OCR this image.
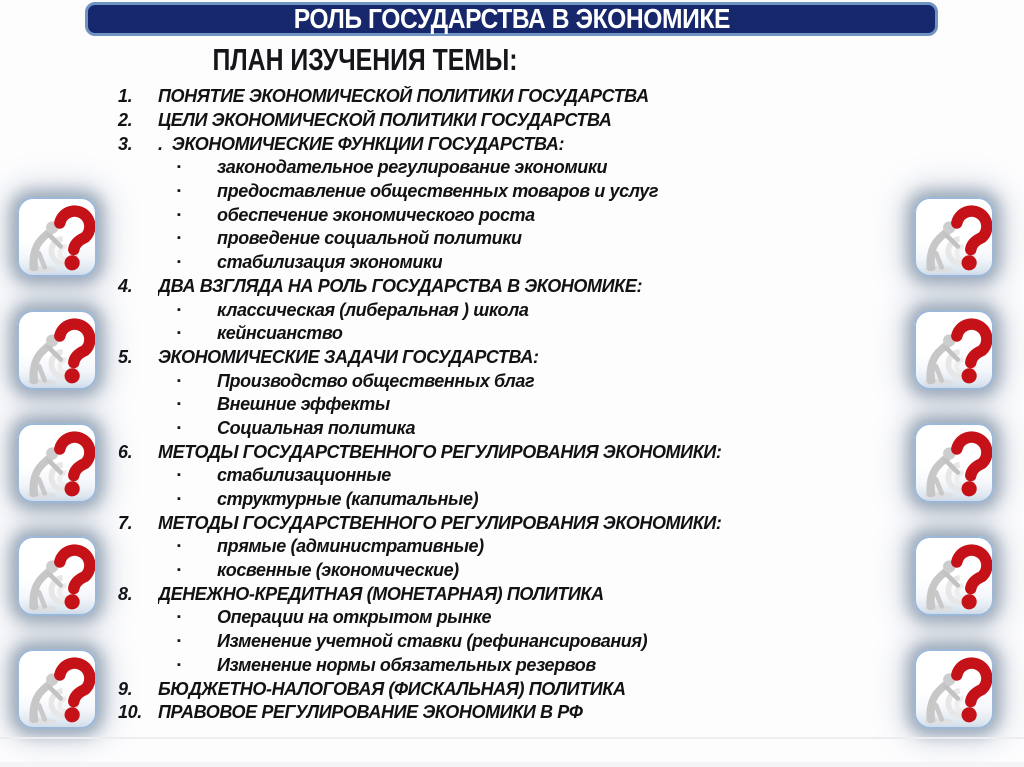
РОЛЬ ГОСУДАРСТВА В ЭКОНОМИКЕ
ПЛАН ИЗУЧЕНИЯ ТЕМЫ:
1.	ПОНЯТИЕ ЭКОНОМИЧЕСКОЙ ПОЛИТИКИ ГОСУДАРСТВА
2.	ЦЕЛИ ЭКОНОМИЧЕСКОЙ ПОЛИТИКИ ГОСУДАРСТВА
3.	.  ЭКОНОМИЧЕСКИЕ ФУНКЦИИ ГОСУДАРСТВА:
▪	законодательное регулирование экономики
▪	предоставление общественных товаров и услуг
▪	обеспечение экономического роста
▪	проведение социальной политики
▪	стабилизация экономики
4.	ДВА ВЗГЛЯДА НА РОЛЬ ГОСУДАРСТВА В ЭКОНОМИКЕ:
▪	классическая (либеральная ) школа
▪	кейнсианство
5.	ЭКОНОМИЧЕСКИЕ ЗАДАЧИ ГОСУДАРСТВА:
▪	Производство общественных благ
▪	Внешние эффекты
▪	Социальная политика
6.	МЕТОДЫ ГОСУДАРСТВЕННОГО РЕГУЛИРОВАНИЯ ЭКОНОМИКИ:
▪	стабилизационные
▪	структурные (капитальные)
7.	МЕТОДЫ ГОСУДАРСТВЕННОГО РЕГУЛИРОВАНИЯ ЭКОНОМИКИ:
▪	прямые (административные)
▪	косвенные (экономические)
8.	ДЕНЕЖНО-КРЕДИТНАЯ (МОНЕТАРНАЯ) ПОЛИТИКА
▪	Операции на открытом рынке
▪	Изменение учетной ставки (рефинансирования)
▪	Изменение нормы обязательных резервов
9.	БЮДЖЕТНО-НАЛОГОВАЯ (ФИСКАЛЬНАЯ) ПОЛИТИКА
10. ПРАВОВОЕ РЕГУЛИРОВАНИЕ ЭКОНОМИКИ В РФ
